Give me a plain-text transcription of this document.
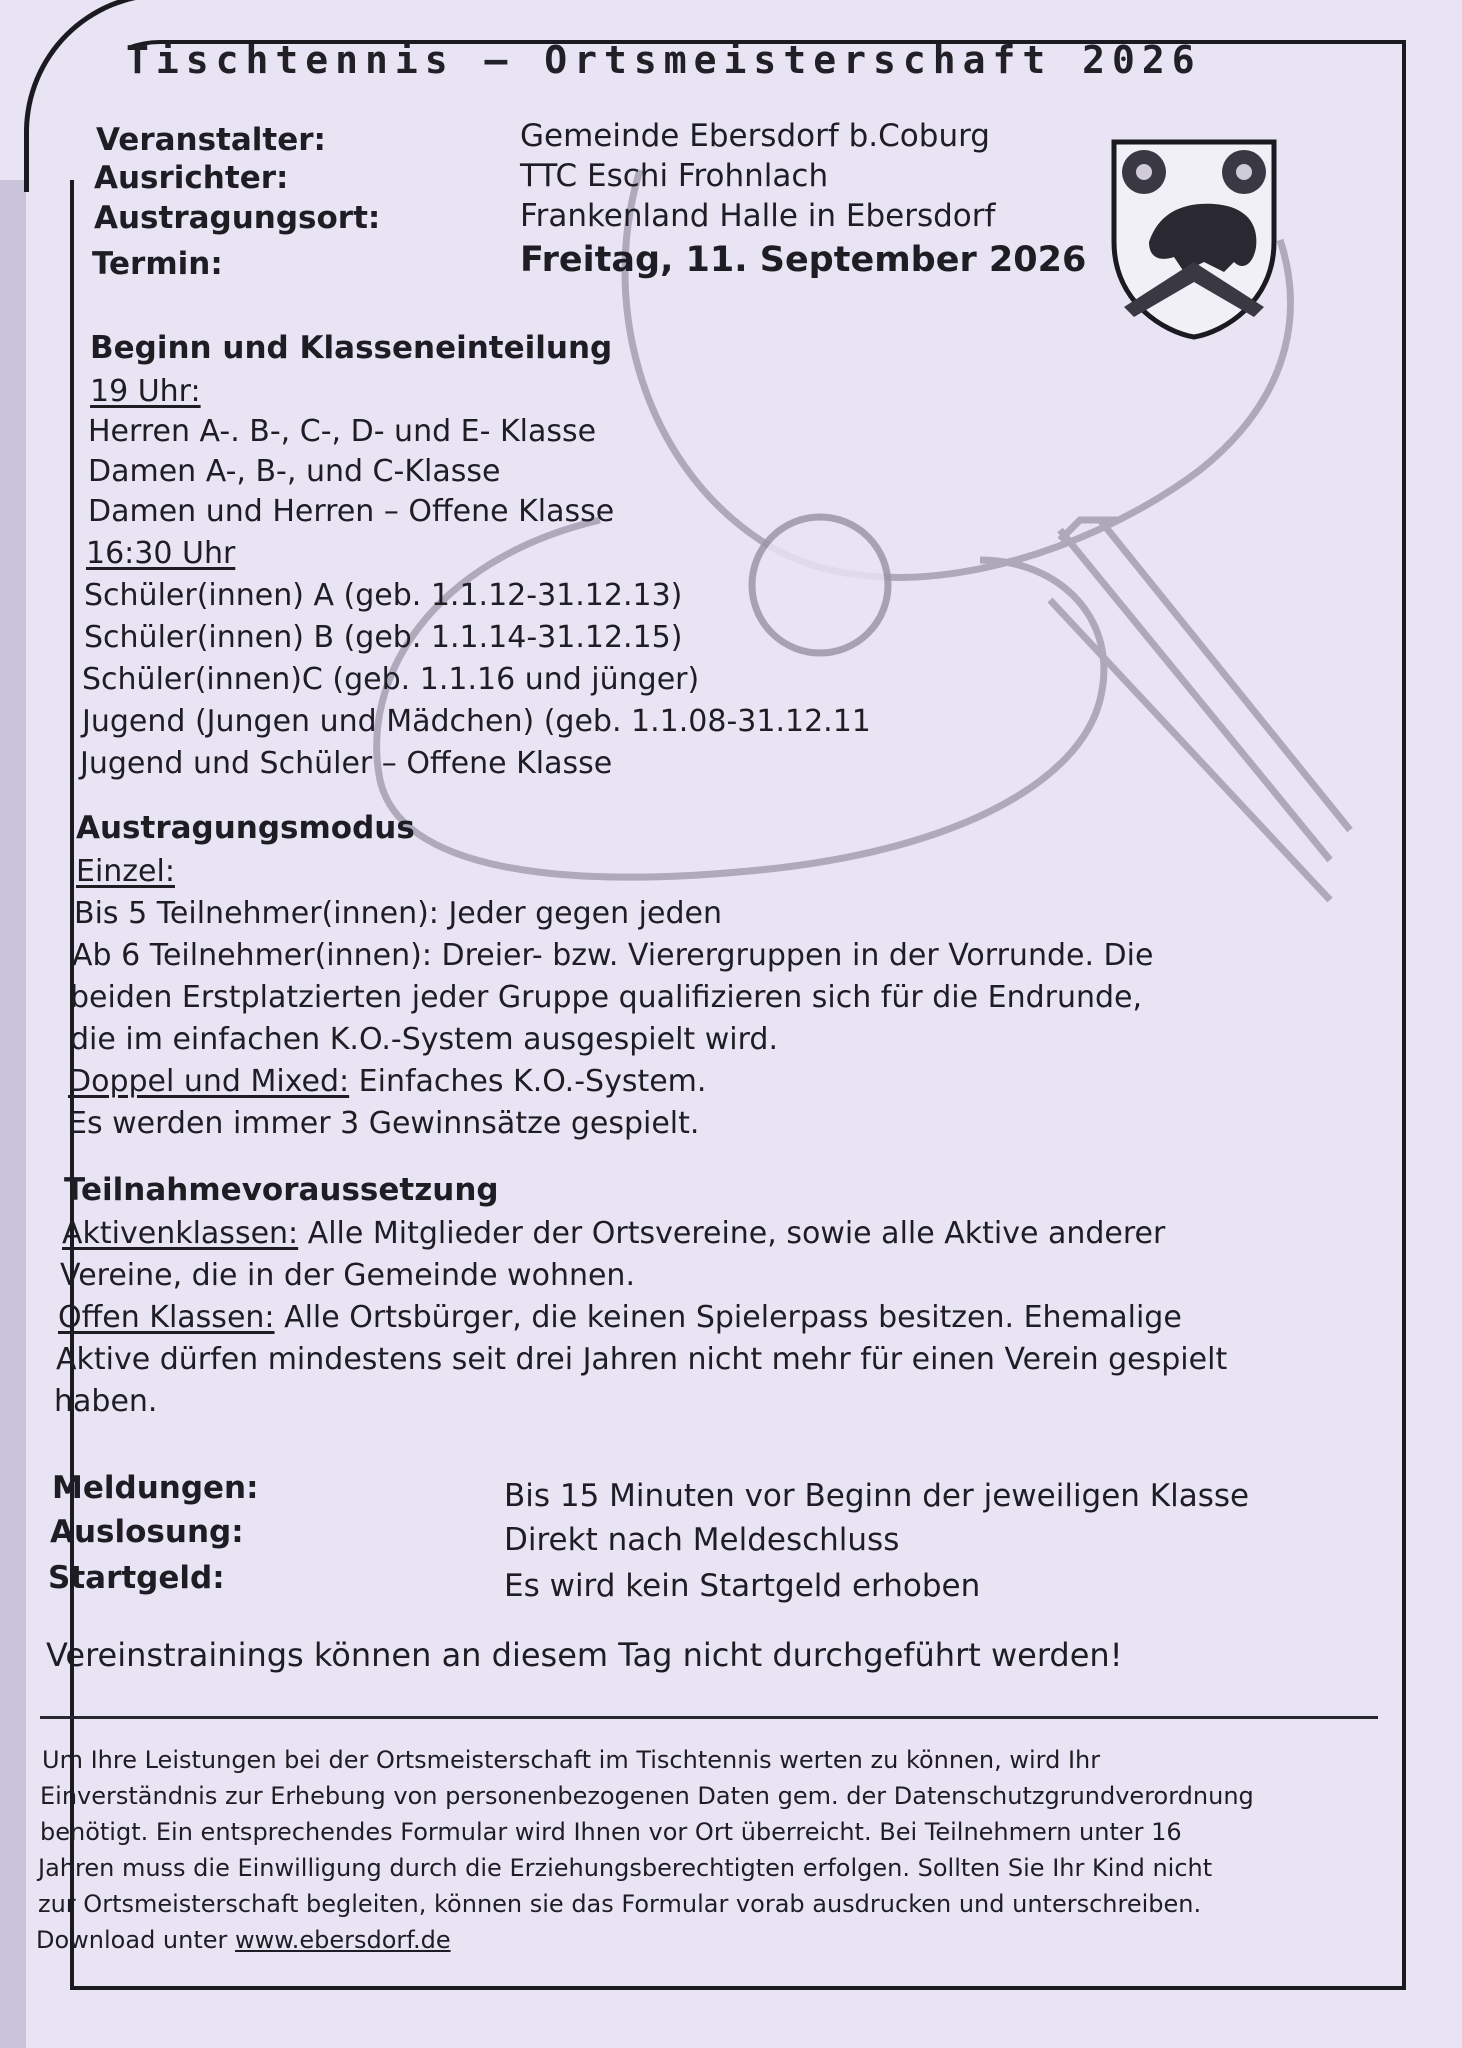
Tischtennis – Ortsmeisterschaft 2026
Veranstalter:	Gemeinde Ebersdorf b.Coburg
Ausrichter:	TTC Eschi Frohnlach
Austragungsort:	Frankenland Halle in Ebersdorf
Termin:	Freitag, 11. September 2026
Beginn und Klasseneinteilung
19 Uhr:
Herren A-. B-, C-, D- und E- Klasse
Damen A-, B-, und C-Klasse
Damen und Herren – Offene Klasse
16:30 Uhr
Schüler(innen) A (geb. 1.1.12-31.12.13)
Schüler(innen) B (geb. 1.1.14-31.12.15)
Schüler(innen)C (geb. 1.1.16 und jünger)
Jugend (Jungen und Mädchen) (geb. 1.1.08-31.12.11
Jugend und Schüler – Offene Klasse
Austragungsmodus
Einzel:
Bis 5 Teilnehmer(innen): Jeder gegen jeden
Ab 6 Teilnehmer(innen): Dreier- bzw. Vierergruppen in der Vorrunde. Die
beiden Erstplatzierten jeder Gruppe qualifizieren sich für die Endrunde,
die im einfachen K.O.-System ausgespielt wird.
Doppel und Mixed: Einfaches K.O.-System.
Es werden immer 3 Gewinnsätze gespielt.
Teilnahmevoraussetzung
Aktivenklassen: Alle Mitglieder der Ortsvereine, sowie alle Aktive anderer
Vereine, die in der Gemeinde wohnen.
Offen Klassen: Alle Ortsbürger, die keinen Spielerpass besitzen. Ehemalige
Aktive dürfen mindestens seit drei Jahren nicht mehr für einen Verein gespielt
haben.
Meldungen:	Bis 15 Minuten vor Beginn der jeweiligen Klasse
Auslosung:	Direkt nach Meldeschluss
Startgeld:	Es wird kein Startgeld erhoben
Vereinstrainings können an diesem Tag nicht durchgeführt werden!
Um Ihre Leistungen bei der Ortsmeisterschaft im Tischtennis werten zu können, wird Ihr
Einverständnis zur Erhebung von personenbezogenen Daten gem. der Datenschutzgrundverordnung
benötigt. Ein entsprechendes Formular wird Ihnen vor Ort überreicht. Bei Teilnehmern unter 16
Jahren muss die Einwilligung durch die Erziehungsberechtigten erfolgen. Sollten Sie Ihr Kind nicht
zur Ortsmeisterschaft begleiten, können sie das Formular vorab ausdrucken und unterschreiben.
Download unter www.ebersdorf.de
